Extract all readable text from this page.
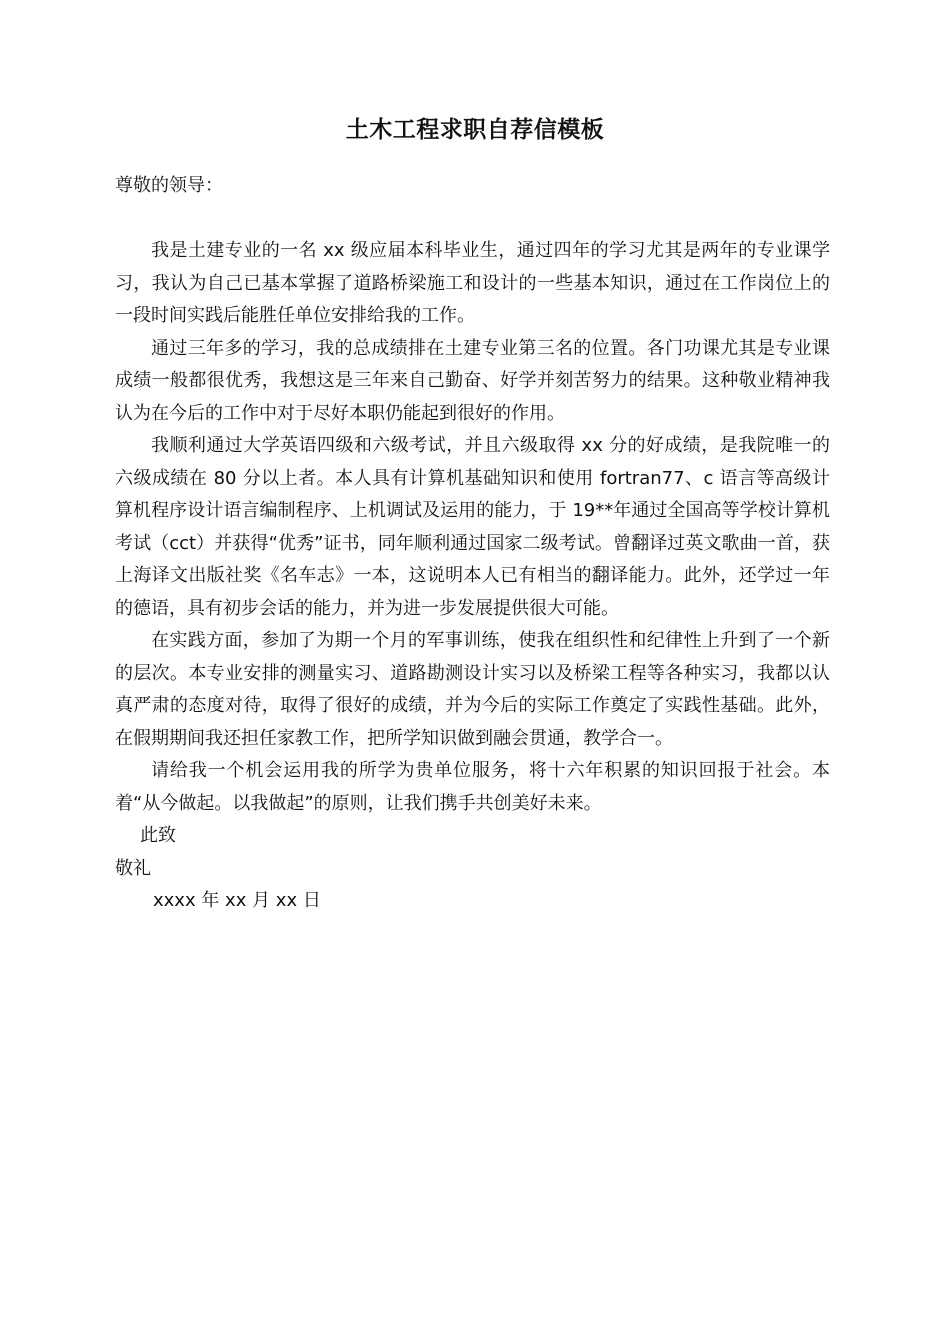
土木工程求职自荐信模板

尊敬的领导：

我是土建专业的一名 xx 级应届本科毕业生，通过四年的学习尤其是两年的专业课学习，我认为自己已基本掌握了道路桥梁施工和设计的一些基本知识，通过在工作岗位上的一段时间实践后能胜任单位安排给我的工作。

通过三年多的学习，我的总成绩排在土建专业第三名的位置。各门功课尤其是专业课成绩一般都很优秀，我想这是三年来自己勤奋、好学并刻苦努力的结果。这种敬业精神我认为在今后的工作中对于尽好本职仍能起到很好的作用。

我顺利通过大学英语四级和六级考试，并且六级取得 xx 分的好成绩，是我院唯一的六级成绩在 80 分以上者。本人具有计算机基础知识和使用 fortran77、c 语言等高级计算机程序设计语言编制程序、上机调试及运用的能力，于 19**年通过全国高等学校计算机考试（cct）并获得“优秀”证书，同年顺利通过国家二级考试。曾翻译过英文歌曲一首，获上海译文出版社奖《名车志》一本，这说明本人已有相当的翻译能力。此外，还学过一年的德语，具有初步会话的能力，并为进一步发展提供很大可能。

在实践方面，参加了为期一个月的军事训练，使我在组织性和纪律性上升到了一个新的层次。本专业安排的测量实习、道路勘测设计实习以及桥梁工程等各种实习，我都以认真严肃的态度对待，取得了很好的成绩，并为今后的实际工作奠定了实践性基础。此外，在假期期间我还担任家教工作，把所学知识做到融会贯通，教学合一。

请给我一个机会运用我的所学为贵单位服务，将十六年积累的知识回报于社会。本着“从今做起。以我做起”的原则，让我们携手共创美好未来。

此致

敬礼

xxxx 年 xx 月 xx 日
